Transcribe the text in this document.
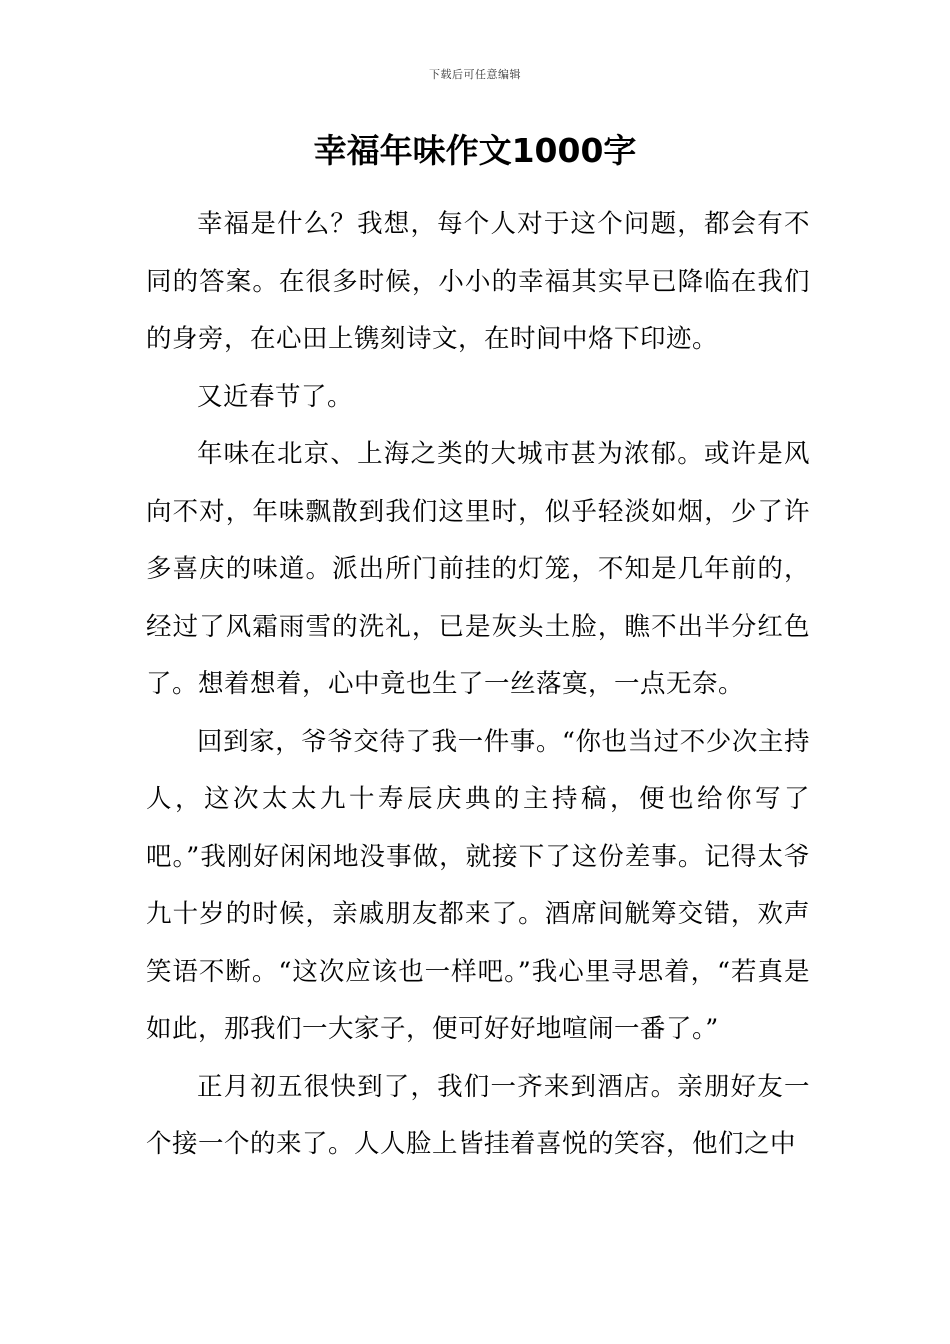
下载后可任意编辑
幸福年味作文1000字

幸福是什么？我想，每个人对于这个问题，都会有不同的答案。在很多时候，小小的幸福其实早已降临在我们的身旁，在心田上镌刻诗文，在时间中烙下印迹。

又近春节了。

年味在北京、上海之类的大城市甚为浓郁。或许是风向不对，年味飘散到我们这里时，似乎轻淡如烟，少了许多喜庆的味道。派出所门前挂的灯笼，不知是几年前的，经过了风霜雨雪的洗礼，已是灰头土脸，瞧不出半分红色了。想着想着，心中竟也生了一丝落寞，一点无奈。

回到家，爷爷交待了我一件事。“你也当过不少次主持人，这次太太九十寿辰庆典的主持稿，便也给你写了吧。”我刚好闲闲地没事做，就接下了这份差事。记得太爷九十岁的时候，亲戚朋友都来了。酒席间觥筹交错，欢声笑语不断。“这次应该也一样吧。”我心里寻思着，“若真是如此，那我们一大家子，便可好好地喧闹一番了。”

正月初五很快到了，我们一齐来到酒店。亲朋好友一个接一个的来了。人人脸上皆挂着喜悦的笑容，他们之中
